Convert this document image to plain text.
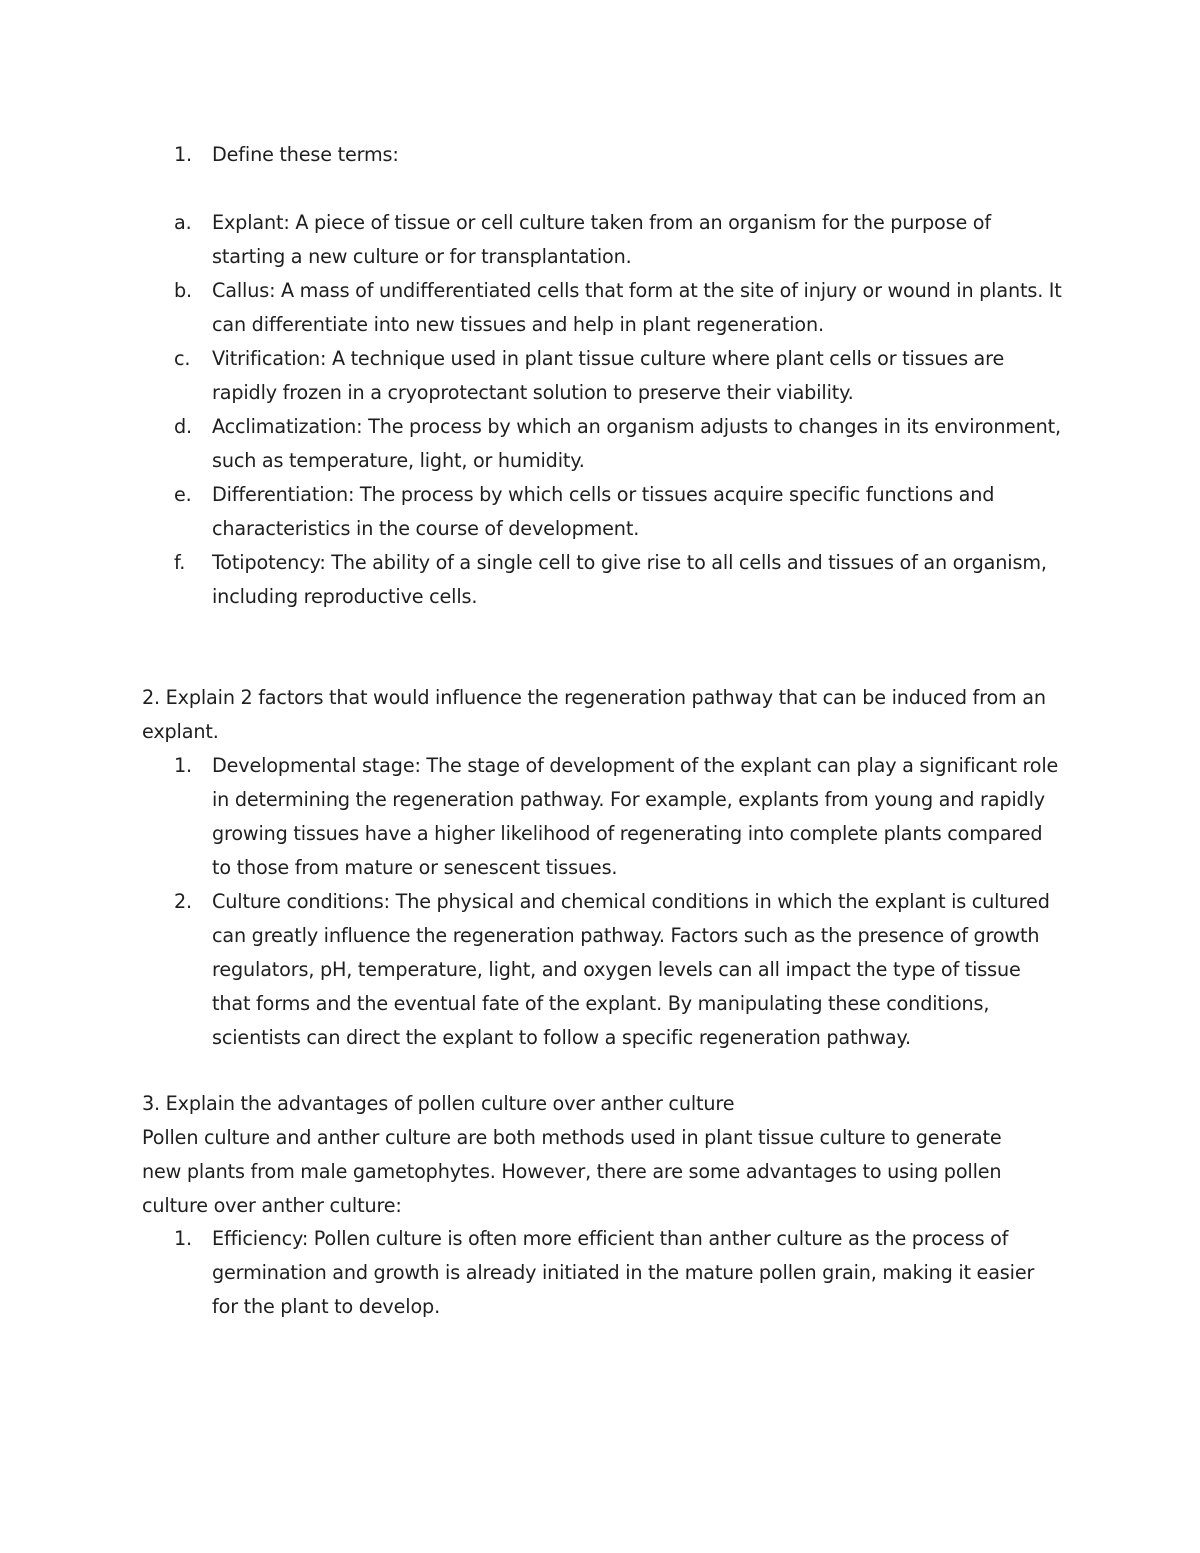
1.	Define these terms:
a.	Explant: A piece of tissue or cell culture taken from an organism for the purpose of starting a new culture or for transplantation.
b.	Callus: A mass of undifferentiated cells that form at the site of injury or wound in plants. It can differentiate into new tissues and help in plant regeneration.
c.	Vitrification: A technique used in plant tissue culture where plant cells or tissues are rapidly frozen in a cryoprotectant solution to preserve their viability.
d.	Acclimatization: The process by which an organism adjusts to changes in its environment, such as temperature, light, or humidity.
e.	Differentiation: The process by which cells or tissues acquire specific functions and characteristics in the course of development.
f.	Totipotency: The ability of a single cell to give rise to all cells and tissues of an organism, including reproductive cells.
2. Explain 2 factors that would influence the regeneration pathway that can be induced from an explant.
1.	Developmental stage: The stage of development of the explant can play a significant role in determining the regeneration pathway. For example, explants from young and rapidly growing tissues have a higher likelihood of regenerating into complete plants compared to those from mature or senescent tissues.
2.	Culture conditions: The physical and chemical conditions in which the explant is cultured can greatly influence the regeneration pathway. Factors such as the presence of growth regulators, pH, temperature, light, and oxygen levels can all impact the type of tissue that forms and the eventual fate of the explant. By manipulating these conditions, scientists can direct the explant to follow a specific regeneration pathway.
3. Explain the advantages of pollen culture over anther culture
Pollen culture and anther culture are both methods used in plant tissue culture to generate new plants from male gametophytes. However, there are some advantages to using pollen culture over anther culture:
1.	Efficiency: Pollen culture is often more efficient than anther culture as the process of germination and growth is already initiated in the mature pollen grain, making it easier for the plant to develop.
